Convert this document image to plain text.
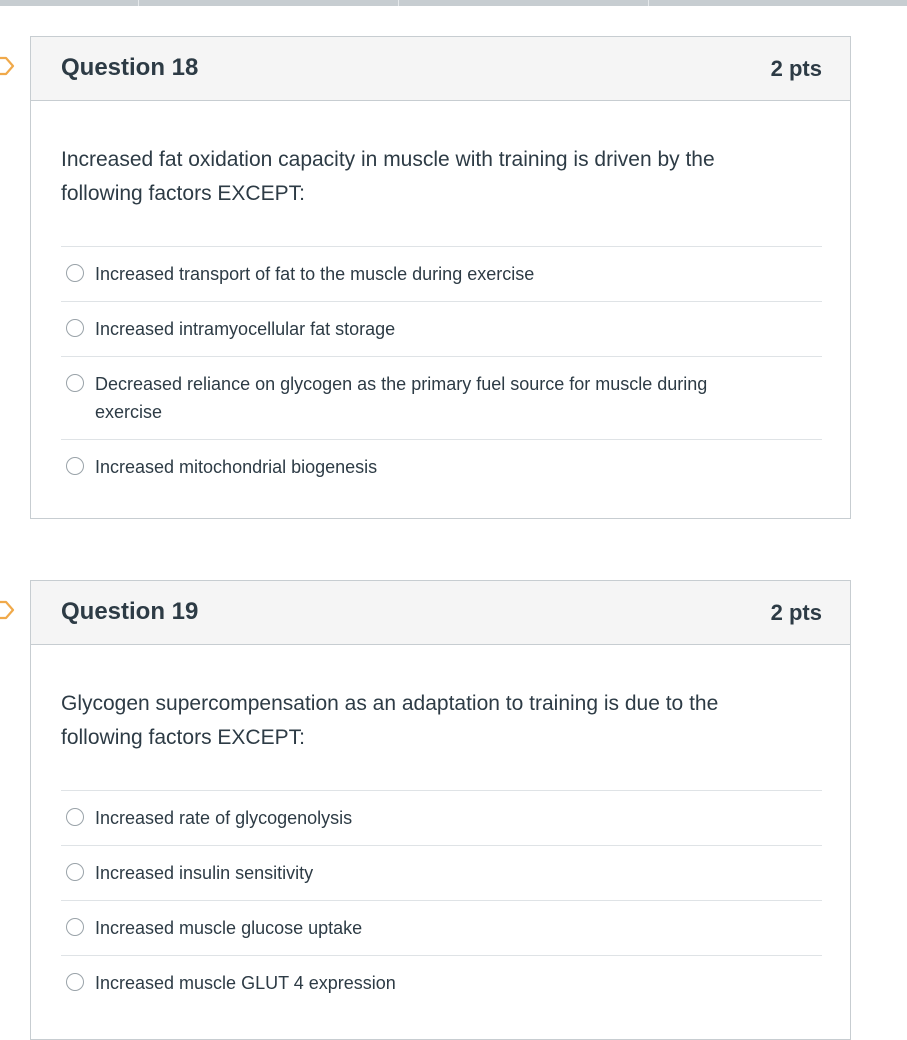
Question 18	2 pts

Increased fat oxidation capacity in muscle with training is driven by the following factors EXCEPT:

Increased transport of fat to the muscle during exercise
Increased intramyocellular fat storage
Decreased reliance on glycogen as the primary fuel source for muscle during exercise
Increased mitochondrial biogenesis
Question 19	2 pts

Glycogen supercompensation as an adaptation to training is due to the following factors EXCEPT:

Increased rate of glycogenolysis
Increased insulin sensitivity
Increased muscle glucose uptake
Increased muscle GLUT 4 expression
